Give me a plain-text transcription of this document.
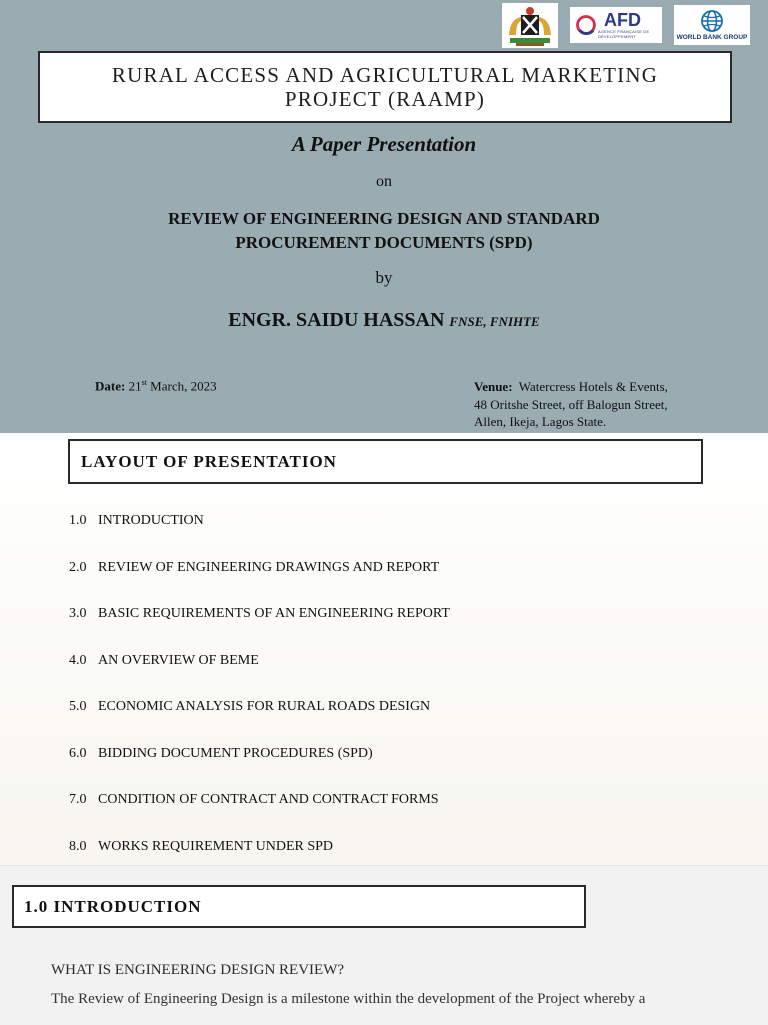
AFD
AGENCE FRANÇAISE DE DÉVELOPPEMENT	WORLD BANK GROUP
RURAL ACCESS AND AGRICULTURAL MARKETING PROJECT (RAAMP)
A Paper Presentation
on
REVIEW OF ENGINEERING DESIGN AND STANDARD PROCUREMENT DOCUMENTS (SPD)
by
ENGR. SAIDU HASSAN FNSE, FNIHTE
Date: 21st March, 2023	Venue: Watercress Hotels & Events,
48 Oritshe Street, off Balogun Street,
Allen, Ikeja, Lagos State.
LAYOUT OF PRESENTATION
1.0 INTRODUCTION
2.0 REVIEW OF ENGINEERING DRAWINGS AND REPORT
3.0 BASIC REQUIREMENTS OF AN ENGINEERING REPORT
4.0 AN OVERVIEW OF BEME
5.0 ECONOMIC ANALYSIS FOR RURAL ROADS DESIGN
6.0 BIDDING DOCUMENT PROCEDURES (SPD)
7.0 CONDITION OF CONTRACT AND CONTRACT FORMS
8.0 WORKS REQUIREMENT UNDER SPD
1.0 INTRODUCTION
WHAT IS ENGINEERING DESIGN REVIEW?
The Review of Engineering Design is a milestone within the development of the Project whereby a
